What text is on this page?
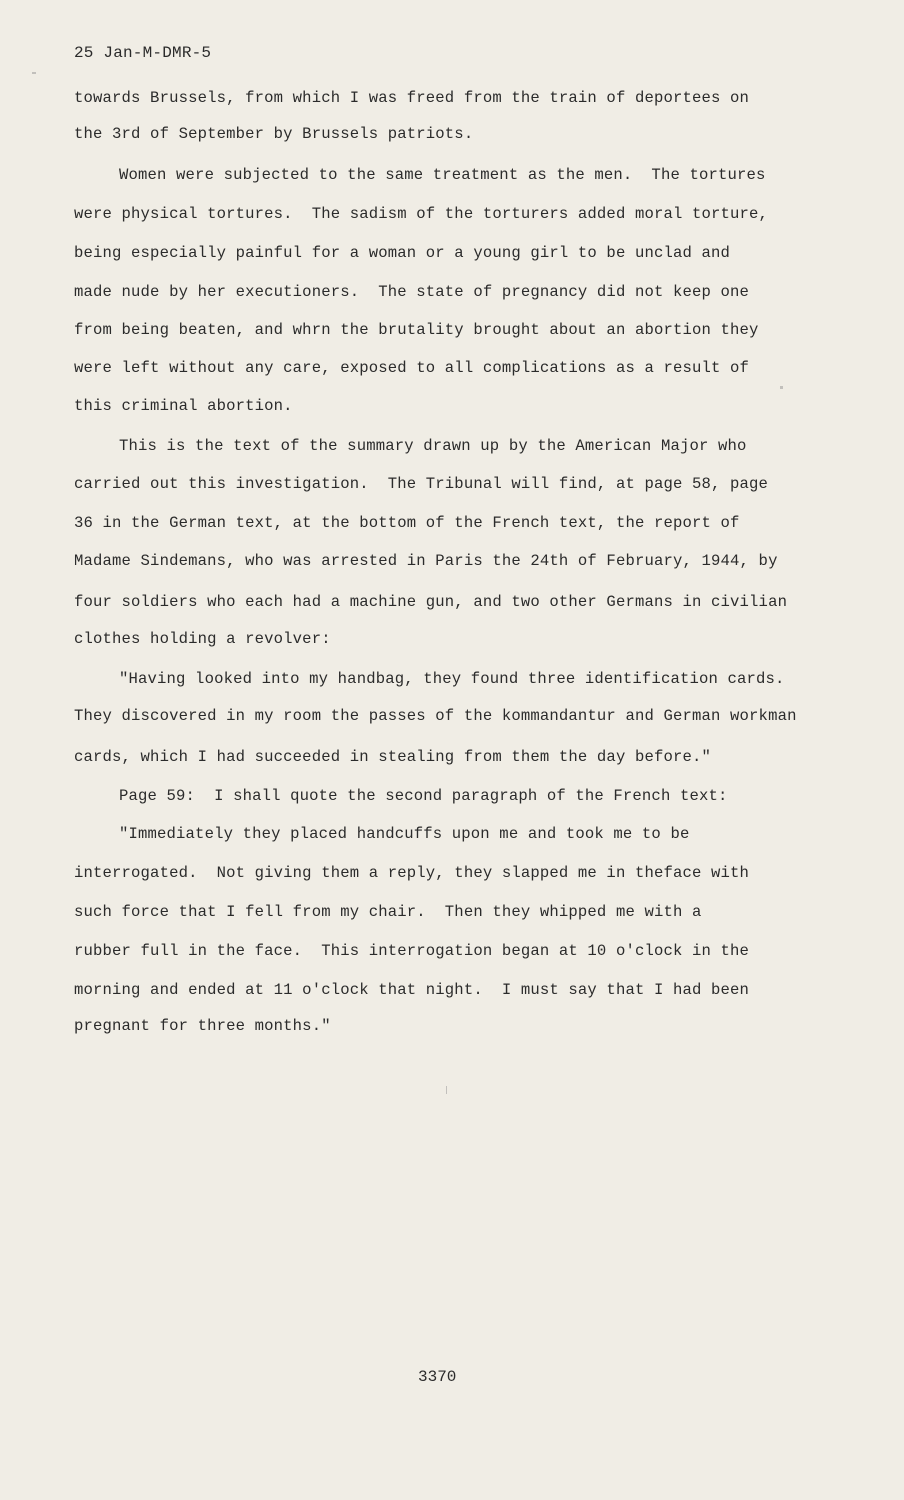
25 Jan-M-DMR-5
towards Brussels, from which I was freed from the train of deportees on
the 3rd of September by Brussels patriots.
Women were subjected to the same treatment as the men.  The tortures
were physical tortures.  The sadism of the torturers added moral torture,
being especially painful for a woman or a young girl to be unclad and
made nude by her executioners.  The state of pregnancy did not keep one
from being beaten, and whrn the brutality brought about an abortion they
were left without any care, exposed to all complications as a result of
this criminal abortion.
This is the text of the summary drawn up by the American Major who
carried out this investigation.  The Tribunal will find, at page 58, page
36 in the German text, at the bottom of the French text, the report of
Madame Sindemans, who was arrested in Paris the 24th of February, 1944, by
four soldiers who each had a machine gun, and two other Germans in civilian
clothes holding a revolver:
"Having looked into my handbag, they found three identification cards.
They discovered in my room the passes of the kommandantur and German workman
cards, which I had succeeded in stealing from them the day before."
Page 59:  I shall quote the second paragraph of the French text:
"Immediately they placed handcuffs upon me and took me to be
interrogated.  Not giving them a reply, they slapped me in theface with
such force that I fell from my chair.  Then they whipped me with a
rubber full in the face.  This interrogation began at 10 o'clock in the
morning and ended at 11 o'clock that night.  I must say that I had been
pregnant for three months."
3370
